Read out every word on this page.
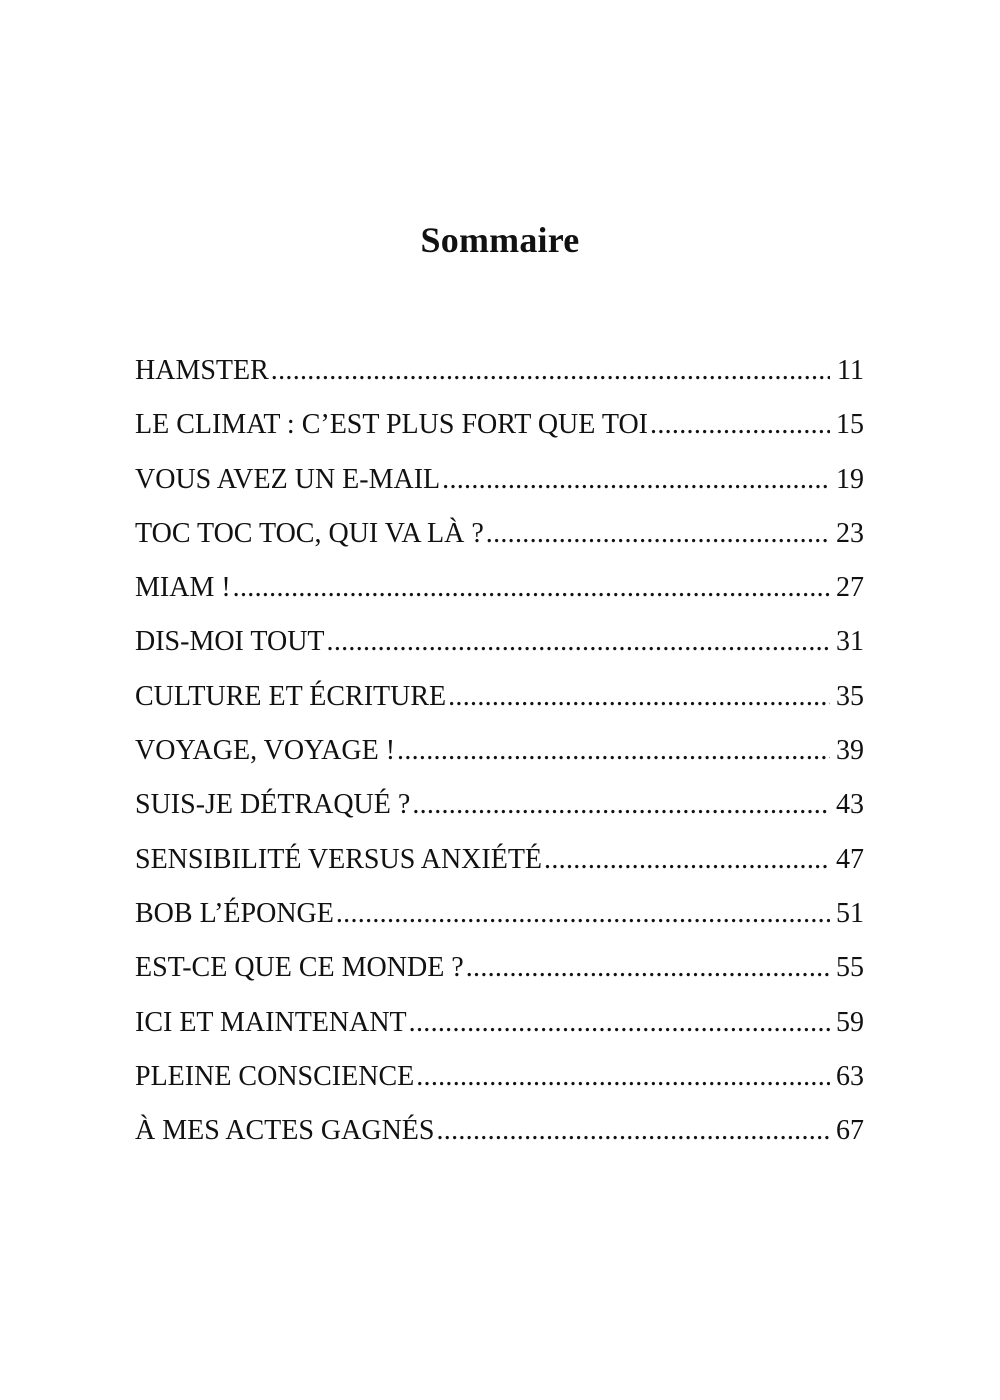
Sommaire
HAMSTER .....	11
LE CLIMAT : C’EST PLUS FORT QUE TOI .....	15
VOUS AVEZ UN E-MAIL .....	19
TOC TOC TOC, QUI VA LÀ ? .....	23
MIAM ! .....	27
DIS-MOI TOUT .....	31
CULTURE ET ÉCRITURE .....	35
VOYAGE, VOYAGE ! .....	39
SUIS-JE DÉTRAQUÉ ? .....	43
SENSIBILITÉ VERSUS ANXIÉTÉ .....	47
BOB L’ÉPONGE .....	51
EST-CE QUE CE MONDE ? .....	55
ICI ET MAINTENANT .....	59
PLEINE CONSCIENCE .....	63
À MES ACTES GAGNÉS .....	67
